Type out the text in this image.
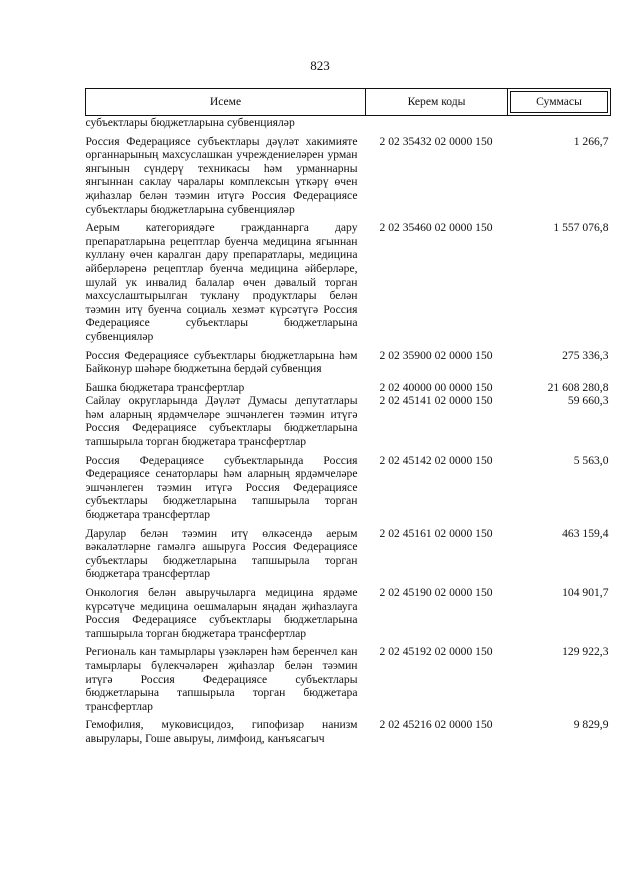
823
Исеме	Керем коды	Суммасы
субъектлары бюджетларына субвенцияләр		
Россия Федерациясе субъектлары дәүләт хакимияте органнарының махсуслашкан учреждениеләрен урман янгынын сүндерү техникасы һәм урманнарны янгыннан саклау чаралары комплексын үткәрү өчен җиһазлар белән тәэмин итүгә Россия Федерациясе субъектлары бюджетларына субвенцияләр	2 02 35432 02 0000 150	1 266,7
Аерым категориядәге гражданнарга дару препаратларына рецептлар буенча медицина ягыннан куллану өчен каралган дару препаратлары, медицина әйберләренә рецептлар буенча медицина әйберләре, шулай ук инвалид балалар өчен дәвалый торган махсуслаштырылган туклану продуктлары белән тәэмин итү буенча социаль хезмәт күрсәтүгә Россия Федерациясе субъектлары бюджетларына субвенцияләр	2 02 35460 02 0000 150	1 557 076,8
Россия Федерациясе субъектлары бюджетларына һәм Байконур шәһәре бюджетына бердәй субвенция	2 02 35900 02 0000 150	275 336,3
Башка бюджетара трансфертлар	2 02 40000 00 0000 150	21 608 280,8
Сайлау округларында Дәүләт Думасы депутатлары һәм аларның ярдәмчеләре эшчәнлеген тәэмин итүгә Россия Федерациясе субъектлары бюджетларына тапшырыла торган бюджетара трансфертлар	2 02 45141 02 0000 150	59 660,3
Россия Федерациясе субъектларында Россия Федерациясе сенаторлары һәм аларның ярдәмчеләре эшчәнлеген тәэмин итүгә Россия Федерациясе субъектлары бюджетларына тапшырыла торган бюджетара трансфертлар	2 02 45142 02 0000 150	5 563,0
Дарулар белән тәэмин итү өлкәсендә аерым вәкаләтләрне гамәлгә ашыруга Россия Федерациясе субъектлары бюджетларына тапшырыла торган бюджетара трансфертлар	2 02 45161 02 0000 150	463 159,4
Онкология белән авыручыларга медицина ярдәме күрсәтүче медицина оешмаларын яңадан җиһазлауга Россия Федерациясе субъектлары бюджетларына тапшырыла торган бюджетара трансфертлар	2 02 45190 02 0000 150	104 901,7
Региональ кан тамырлары үзәкләрен һәм беренчел кан тамырлары бүлекчәләрен җиһазлар белән тәэмин итүгә Россия Федерациясе субъектлары бюджетларына тапшырыла торган бюджетара трансфертлар	2 02 45192 02 0000 150	129 922,3
Гемофилия, муковисцидоз, гипофизар нанизм авырулары, Гоше авыруы, лимфоид, канъясагыч	2 02 45216 02 0000 150	9 829,9
